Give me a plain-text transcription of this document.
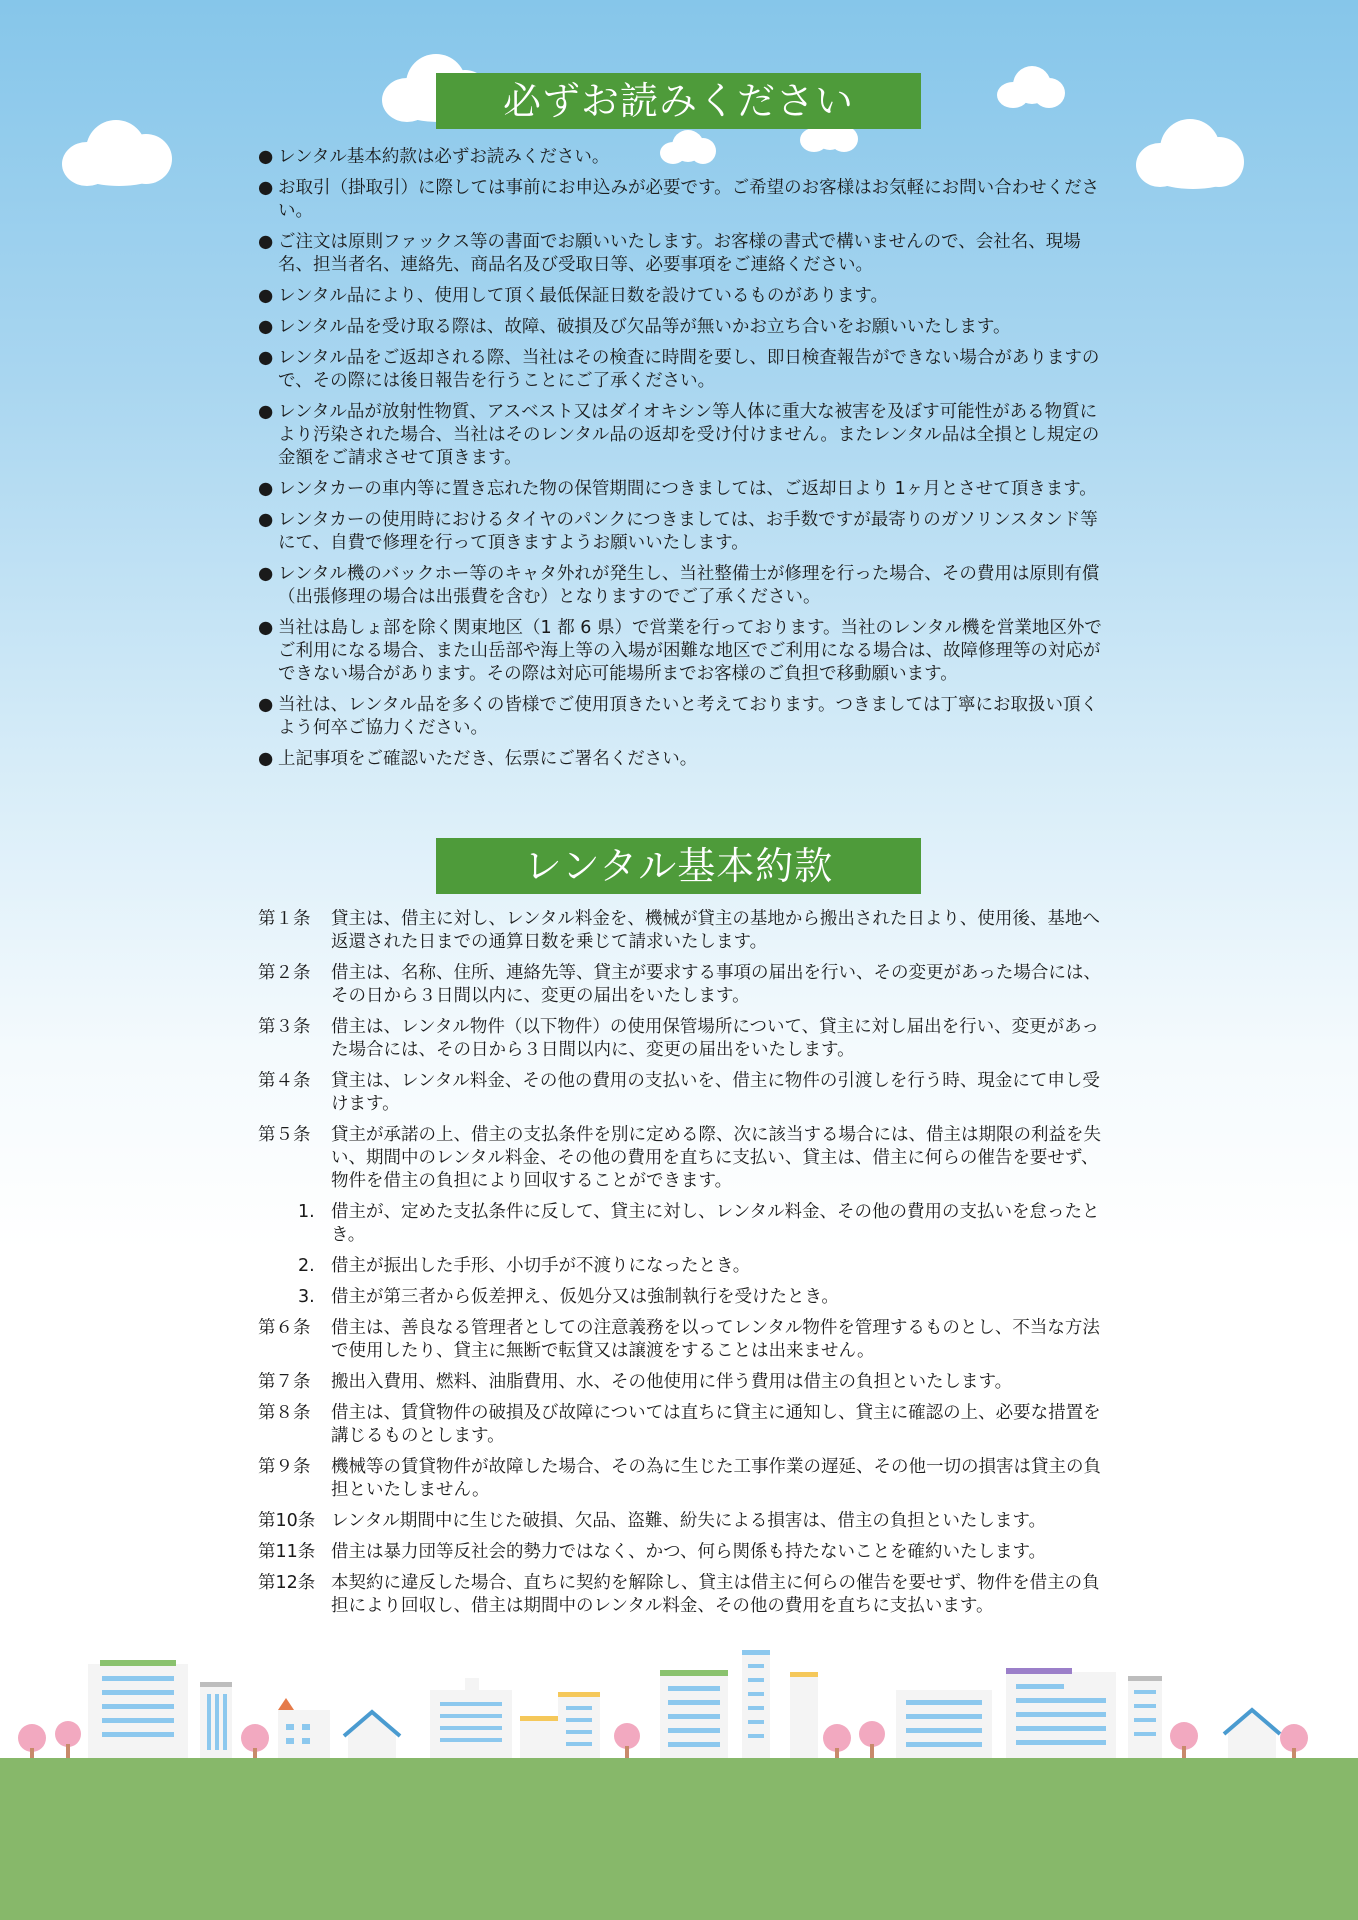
必ずお読みください
● レンタル基本約款は必ずお読みください。
● お取引（掛取引）に際しては事前にお申込みが必要です。ご希望のお客様はお気軽にお問い合わせください。
● ご注文は原則ファックス等の書面でお願いいたします。お客様の書式で構いませんので、会社名、現場名、担当者名、連絡先、商品名及び受取日等、必要事項をご連絡ください。
● レンタル品により、使用して頂く最低保証日数を設けているものがあります。
● レンタル品を受け取る際は、故障、破損及び欠品等が無いかお立ち合いをお願いいたします。
● レンタル品をご返却される際、当社はその検査に時間を要し、即日検査報告ができない場合がありますので、その際には後日報告を行うことにご了承ください。
● レンタル品が放射性物質、アスベスト又はダイオキシン等人体に重大な被害を及ぼす可能性がある物質により汚染された場合、当社はそのレンタル品の返却を受け付けません。またレンタル品は全損とし規定の金額をご請求させて頂きます。
● レンタカーの車内等に置き忘れた物の保管期間につきましては、ご返却日より 1ヶ月とさせて頂きます。
● レンタカーの使用時におけるタイヤのパンクにつきましては、お手数ですが最寄りのガソリンスタンド等にて、自費で修理を行って頂きますようお願いいたします。
● レンタル機のバックホー等のキャタ外れが発生し、当社整備士が修理を行った場合、その費用は原則有償（出張修理の場合は出張費を含む）となりますのでご了承ください。
● 当社は島しょ部を除く関東地区（1 都 6 県）で営業を行っております。当社のレンタル機を営業地区外でご利用になる場合、また山岳部や海上等の入場が困難な地区でご利用になる場合は、故障修理等の対応ができない場合があります。その際は対応可能場所までお客様のご負担で移動願います。
● 当社は、レンタル品を多くの皆様でご使用頂きたいと考えております。つきましては丁寧にお取扱い頂くよう何卒ご協力ください。
● 上記事項をご確認いただき、伝票にご署名ください。
レンタル基本約款
第１条 貸主は、借主に対し、レンタル料金を、機械が貸主の基地から搬出された日より、使用後、基地へ返還された日までの通算日数を乗じて請求いたします。
第２条 借主は、名称、住所、連絡先等、貸主が要求する事項の届出を行い、その変更があった場合には、その日から３日間以内に、変更の届出をいたします。
第３条 借主は、レンタル物件（以下物件）の使用保管場所について、貸主に対し届出を行い、変更があった場合には、その日から３日間以内に、変更の届出をいたします。
第４条 貸主は、レンタル料金、その他の費用の支払いを、借主に物件の引渡しを行う時、現金にて申し受けます。
第５条 貸主が承諾の上、借主の支払条件を別に定める際、次に該当する場合には、借主は期限の利益を失い、期間中のレンタル料金、その他の費用を直ちに支払い、貸主は、借主に何らの催告を要せず、物件を借主の負担により回収することができます。
1. 借主が、定めた支払条件に反して、貸主に対し、レンタル料金、その他の費用の支払いを怠ったとき。
2. 借主が振出した手形、小切手が不渡りになったとき。
3. 借主が第三者から仮差押え、仮処分又は強制執行を受けたとき。
第６条 借主は、善良なる管理者としての注意義務を以ってレンタル物件を管理するものとし、不当な方法で使用したり、貸主に無断で転貸又は譲渡をすることは出来ません。
第７条 搬出入費用、燃料、油脂費用、水、その他使用に伴う費用は借主の負担といたします。
第８条 借主は、賃貸物件の破損及び故障については直ちに貸主に通知し、貸主に確認の上、必要な措置を講じるものとします。
第９条 機械等の賃貸物件が故障した場合、その為に生じた工事作業の遅延、その他一切の損害は貸主の負担といたしません。
第10条 レンタル期間中に生じた破損、欠品、盗難、紛失による損害は、借主の負担といたします。
第11条 借主は暴力団等反社会的勢力ではなく、かつ、何ら関係も持たないことを確約いたします。
第12条 本契約に違反した場合、直ちに契約を解除し、貸主は借主に何らの催告を要せず、物件を借主の負担により回収し、借主は期間中のレンタル料金、その他の費用を直ちに支払います。
